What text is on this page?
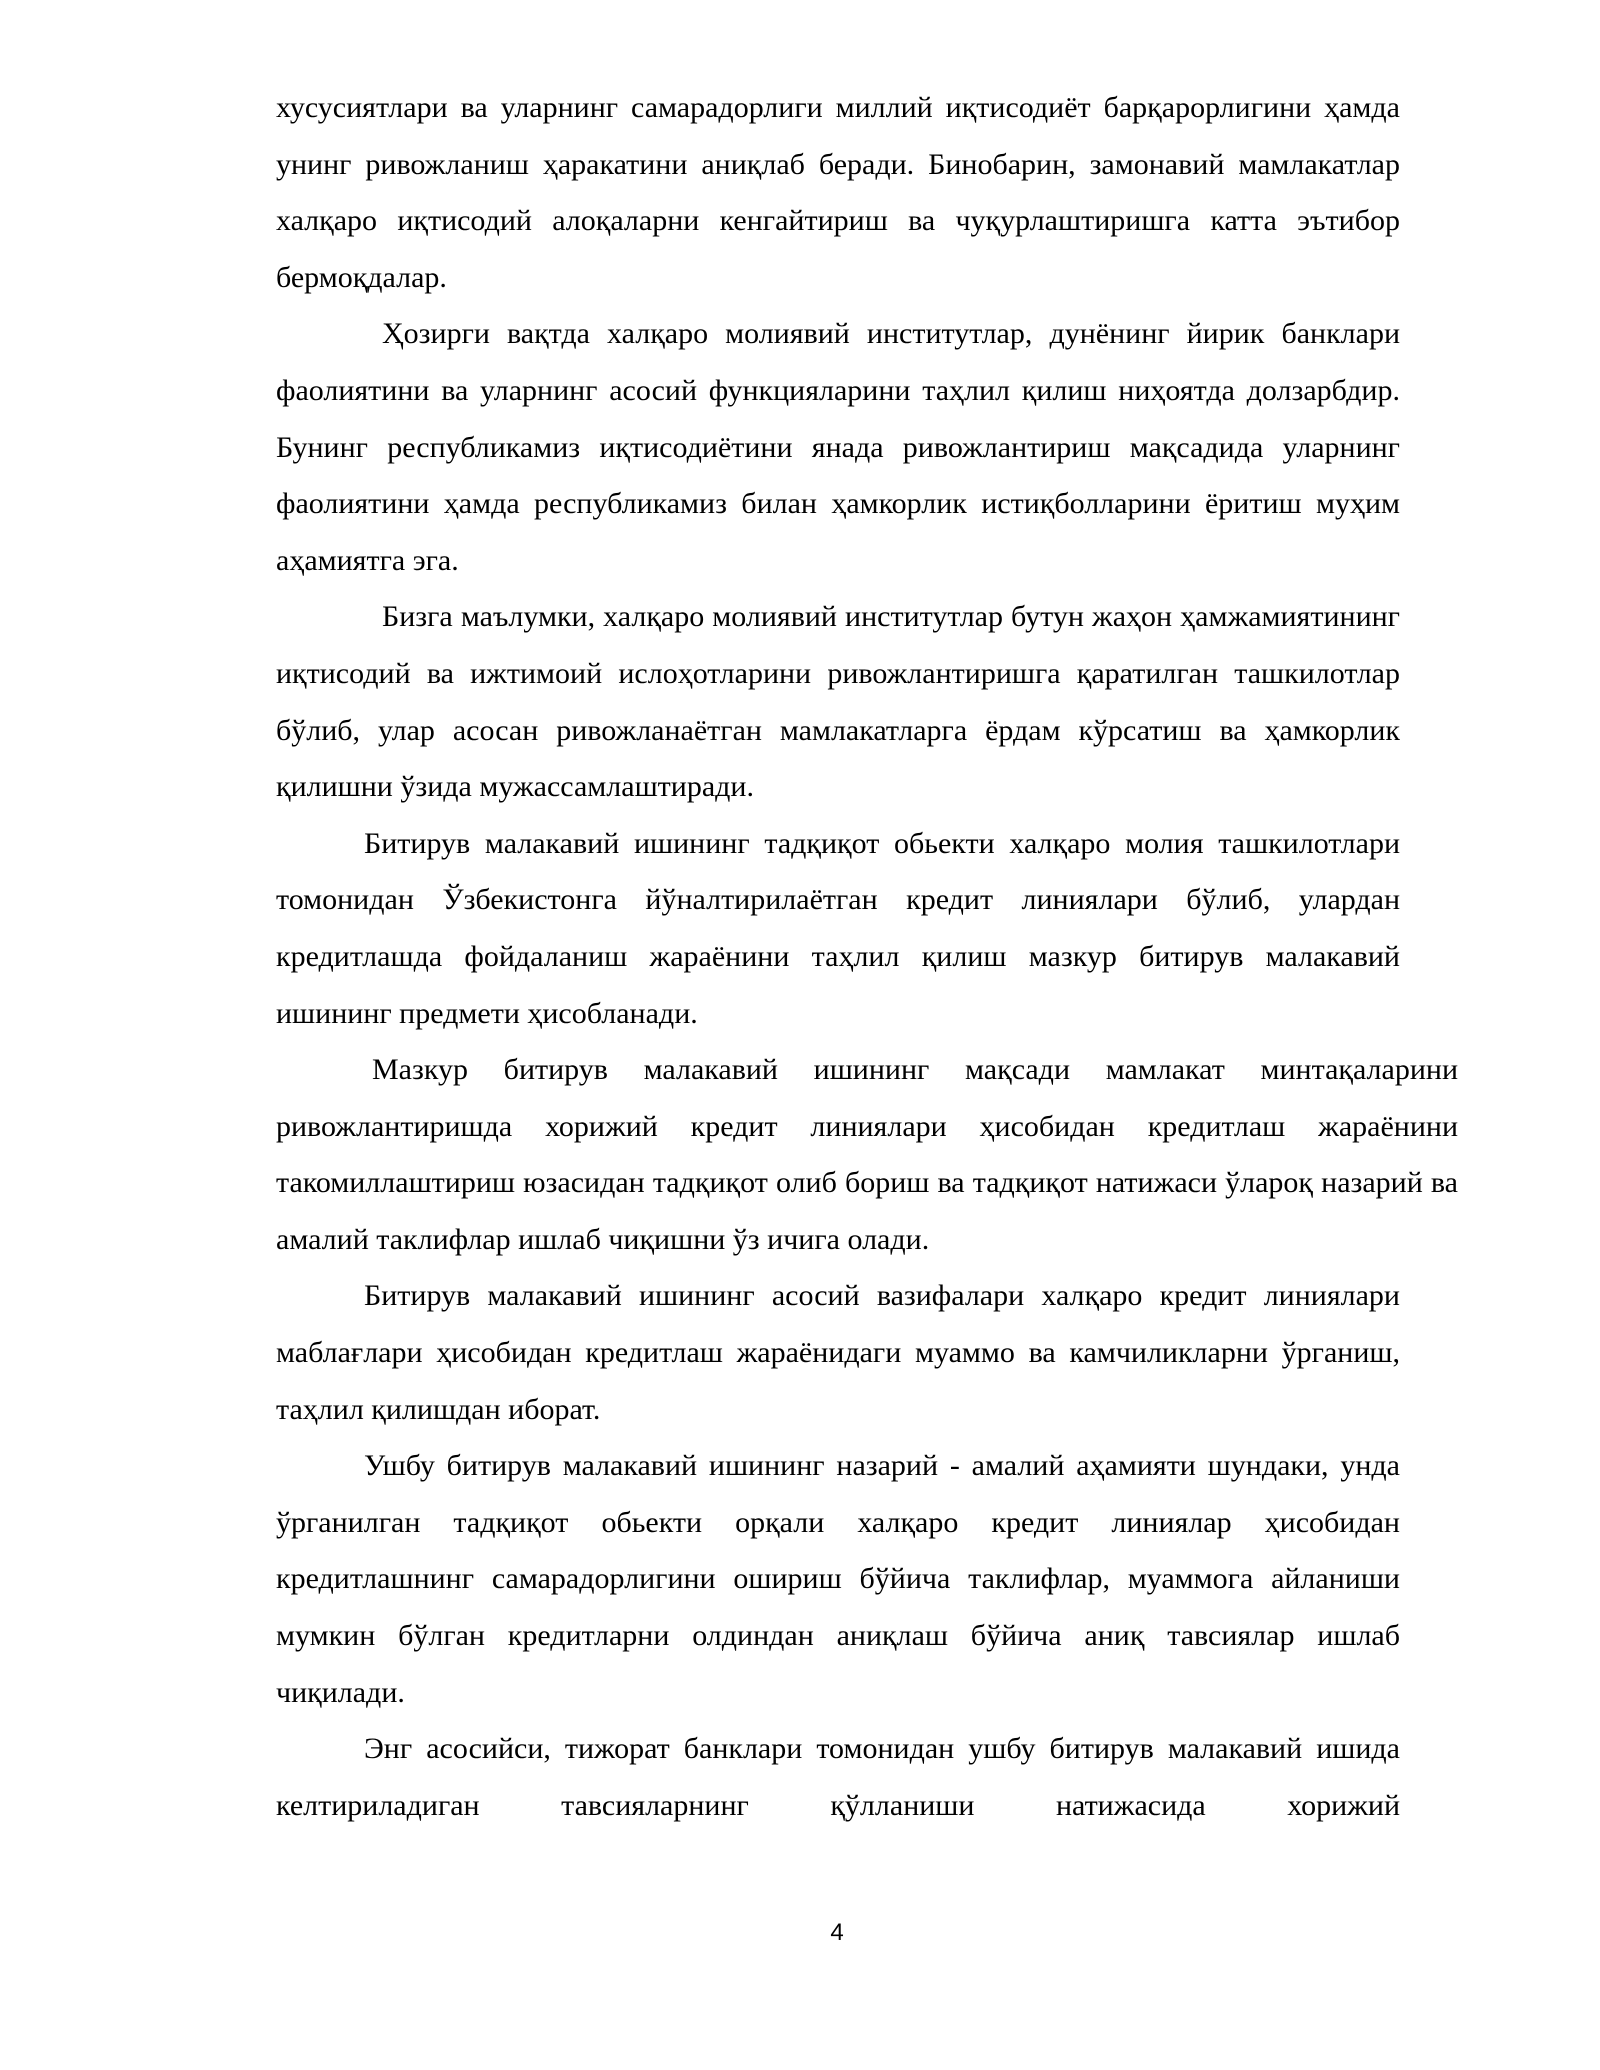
хусусиятлари ва уларнинг самарадорлиги миллий иқтисодиёт барқарорлигини ҳамда унинг ривожланиш ҳаракатини аниқлаб беради. Бинобарин, замонавий мамлакатлар халқаро иқтисодий алоқаларни кенгайтириш ва чуқурлаштиришга катта эътибор бермоқдалар.

Ҳозирги вақтда халқаро молиявий институтлар, дунёнинг йирик банклари фаолиятини ва уларнинг асосий функцияларини таҳлил қилиш ниҳоятда долзарбдир. Бунинг республикамиз иқтисодиётини янада ривожлантириш мақсадида уларнинг фаолиятини ҳамда республикамиз билан ҳамкорлик истиқболларини ёритиш муҳим аҳамиятга эга.

Бизга маълумки, халқаро молиявий институтлар бутун жаҳон ҳамжамиятининг иқтисодий ва ижтимоий ислоҳотларини ривожлантиришга қаратилган ташкилотлар бўлиб, улар асосан ривожланаётган мамлакатларга ёрдам кўрсатиш ва ҳамкорлик қилишни ўзида мужассамлаштиради.

Битирув малакавий ишининг тадқиқот обьекти халқаро молия ташкилотлари томонидан Ўзбекистонга йўналтирилаётган кредит линиялари бўлиб, улардан кредитлашда фойдаланиш жараёнини таҳлил қилиш мазкур битирув малакавий ишининг предмети ҳисобланади.

Мазкур битирув малакавий ишининг мақсади мамлакат минтақаларини ривожлантиришда хорижий кредит линиялари ҳисобидан кредитлаш жараёнини такомиллаштириш юзасидан тадқиқот олиб бориш ва тадқиқот натижаси ўлароқ назарий ва амалий таклифлар ишлаб чиқишни ўз ичига олади.

Битирув малакавий ишининг асосий вазифалари халқаро кредит линиялари маблағлари ҳисобидан кредитлаш жараёнидаги муаммо ва камчиликларни ўрганиш, таҳлил қилишдан иборат.

Ушбу битирув малакавий ишининг назарий - амалий аҳамияти шундаки, унда ўрганилган тадқиқот обьекти орқали халқаро кредит линиялар ҳисобидан кредитлашнинг самарадорлигини ошириш бўйича таклифлар, муаммога айланиши мумкин бўлган кредитларни олдиндан аниқлаш бўйича аниқ тавсиялар ишлаб чиқилади.

Энг асосийси, тижорат банклари томонидан ушбу битирув малакавий ишида келтириладиган тавсияларнинг қўлланиши натижасида хорижий

4
